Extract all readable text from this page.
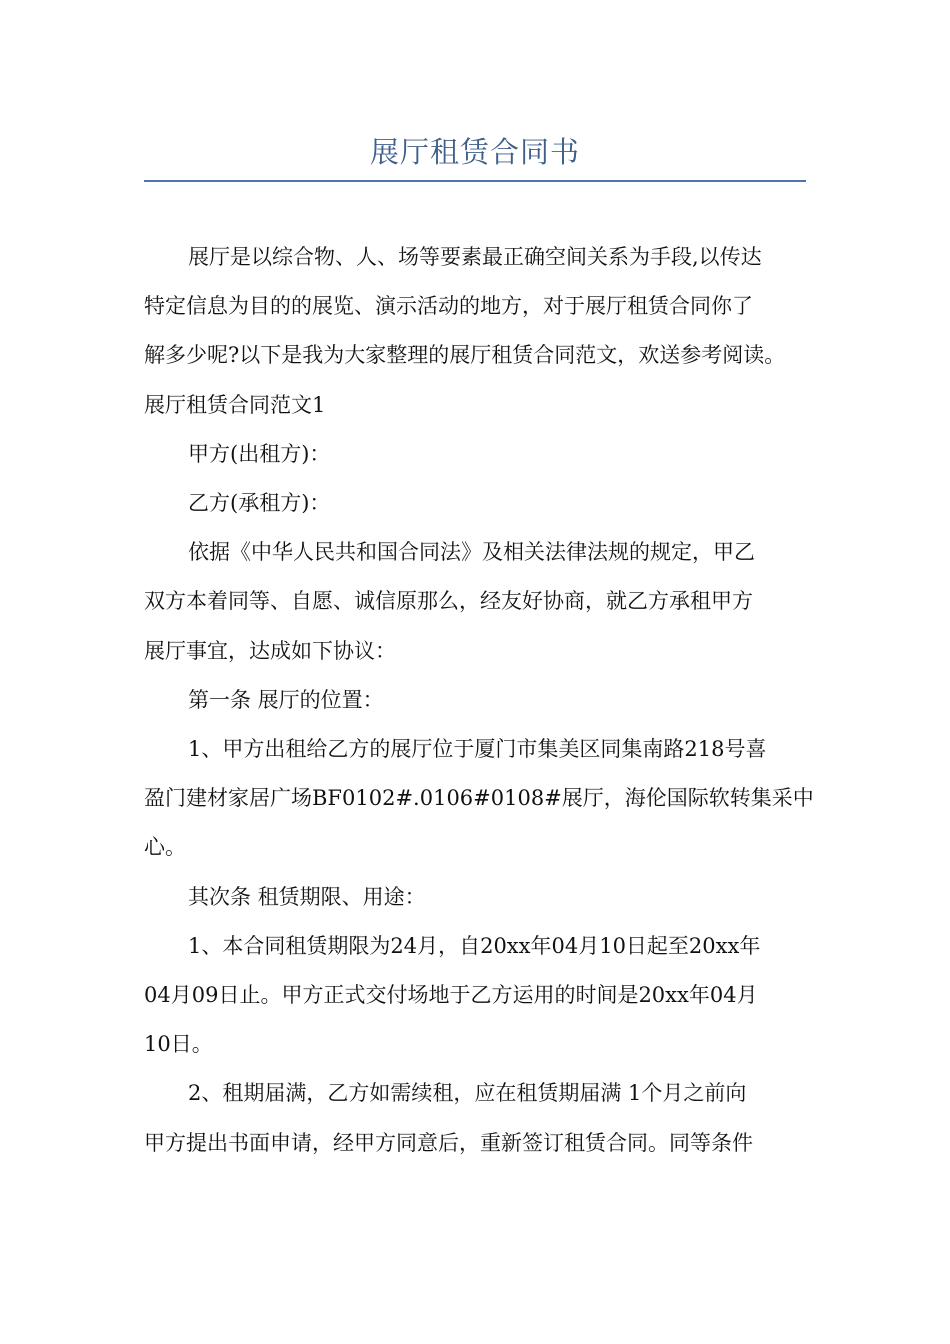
展厅租赁合同书

展厅是以综合物、人、场等要素最正确空间关系为手段,以传达

特定信息为目的的展览、演示活动的地方，对于展厅租赁合同你了

解多少呢?以下是我为大家整理的展厅租赁合同范文，欢送参考阅读。

展厅租赁合同范文1

甲方(出租方)：

乙方(承租方)：

依据《中华人民共和国合同法》及相关法律法规的规定，甲乙

双方本着同等、自愿、诚信原那么，经友好协商，就乙方承租甲方

展厅事宜，达成如下协议：

第一条 展厅的位置：

1、甲方出租给乙方的展厅位于厦门市集美区同集南路218号喜

盈门建材家居广场BF0102#.0106#0108#展厅，海伦国际软转集采中

心。

其次条 租赁期限、用途：

1、本合同租赁期限为24月，自20xx年04月10日起至20xx年

04月09日止。甲方正式交付场地于乙方运用的时间是20xx年04月

10日。

2、租期届满，乙方如需续租，应在租赁期届满 1个月之前向

甲方提出书面申请，经甲方同意后，重新签订租赁合同。同等条件
